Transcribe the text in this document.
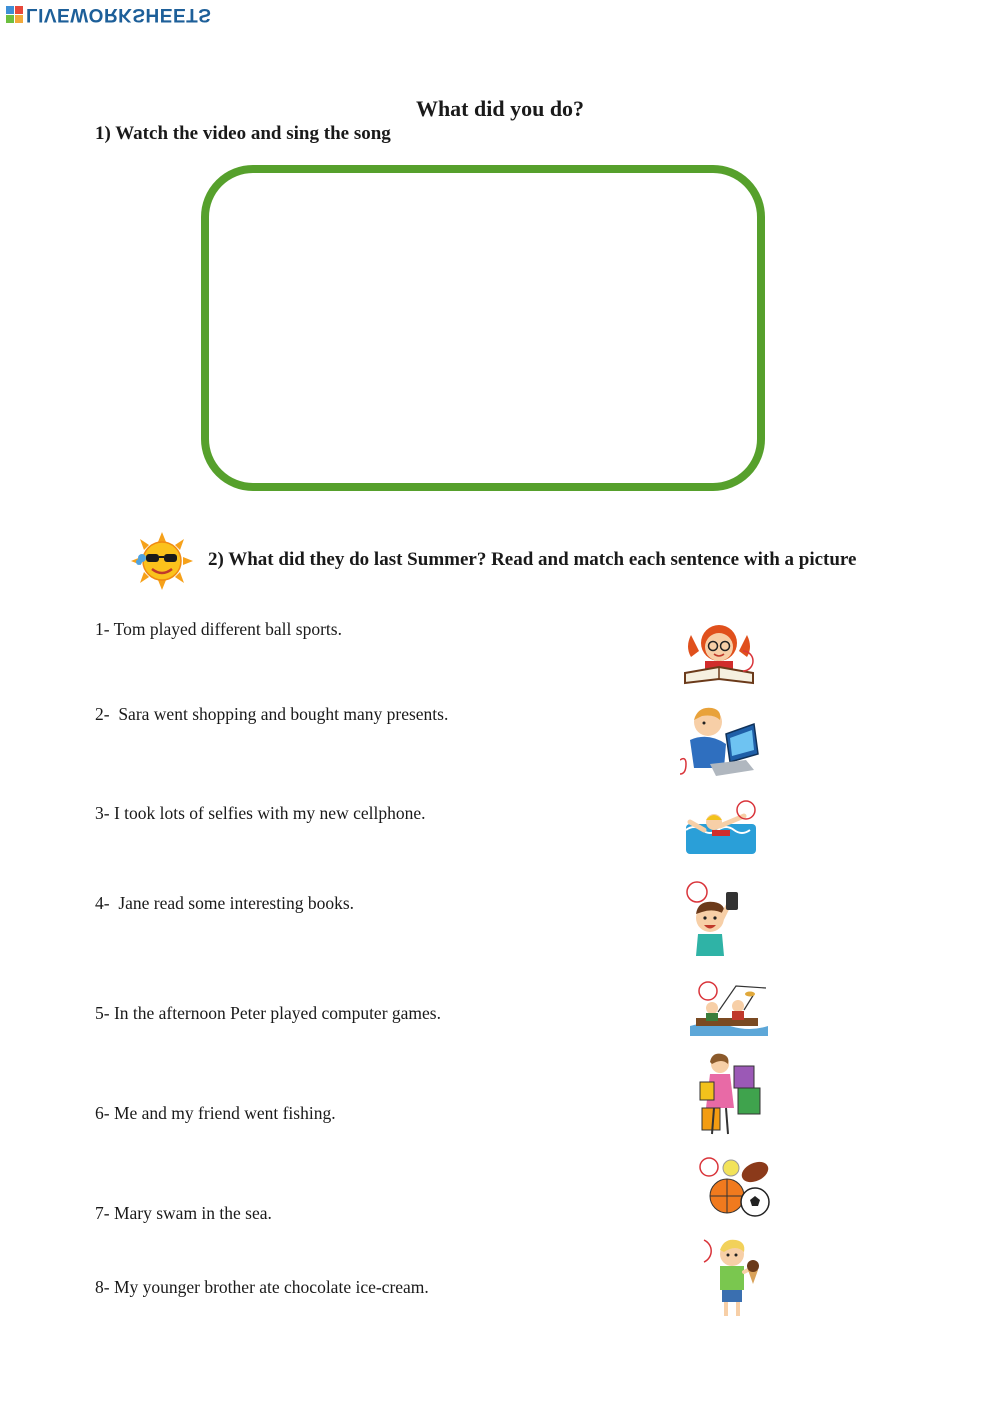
LIVEWORKSHEETS
What did you do?
1) Watch the video and sing the song
2) What did they do last Summer? Read and match each sentence with a picture
1- Tom played different ball sports.
2-  Sara went shopping and bought many presents.
3- I took lots of selfies with my new cellphone.
4-  Jane read some interesting books.
5- In the afternoon Peter played computer games.
6- Me and my friend went fishing.
7- Mary swam in the sea.
8- My younger brother ate chocolate ice-cream.
